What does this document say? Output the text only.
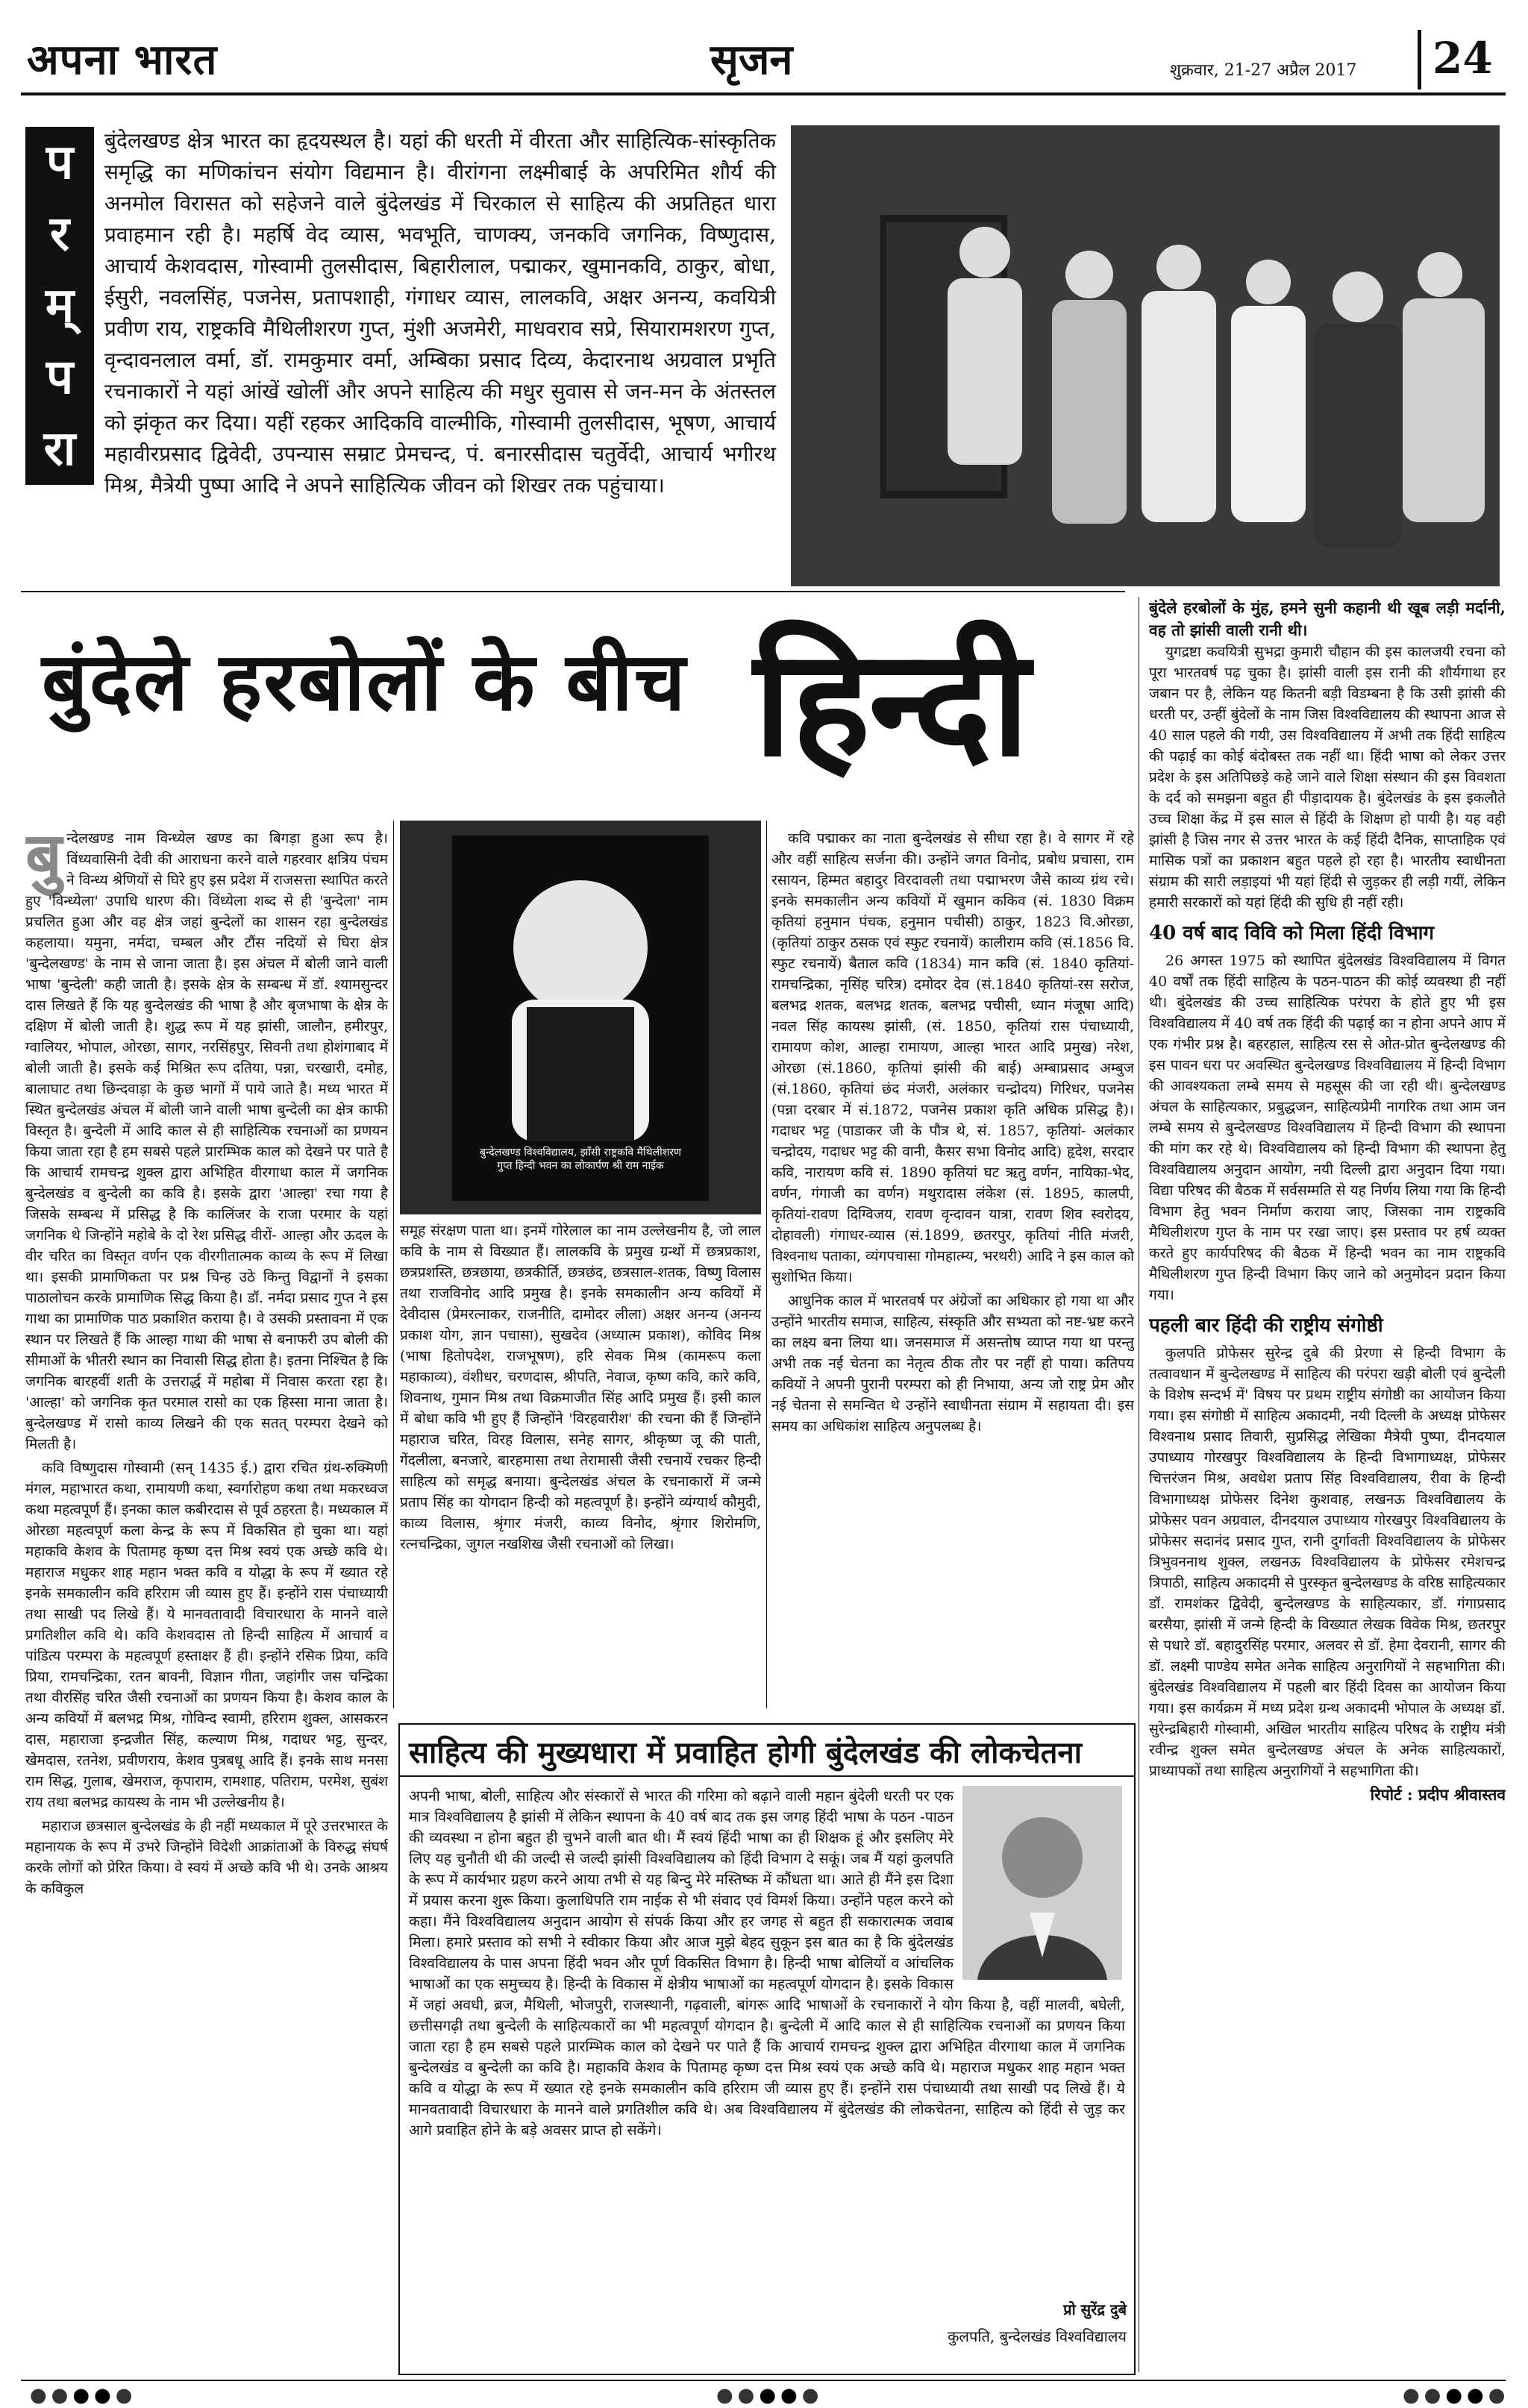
अपना भारत	सृजन	शुक्रवार, 21-27 अप्रैल 2017 24
प
र
म्
प
रा
बुंदेलखण्ड क्षेत्र भारत का हृदयस्थल है। यहां की धरती में वीरता और साहित्यिक-सांस्कृतिक समृद्धि का मणिकांचन संयोग विद्यमान है। वीरांगना लक्ष्मीबाई के अपरिमित शौर्य की अनमोल विरासत को सहेजने वाले बुंदेलखंड में चिरकाल से साहित्य की अप्रतिहत धारा प्रवाहमान रही है। महर्षि वेद व्यास, भवभूति, चाणक्य, जनकवि जगनिक, विष्णुदास, आचार्य केशवदास, गोस्वामी तुलसीदास, बिहारीलाल, पद्माकर, खुमानकवि, ठाकुर, बोधा, ईसुरी, नवलसिंह, पजनेस, प्रतापशाही, गंगाधर व्यास, लालकवि, अक्षर अनन्य, कवयित्री प्रवीण राय, राष्ट्रकवि मैथिलीशरण गुप्त, मुंशी अजमेरी, माधवराव सप्रे, सियारामशरण गुप्त, वृन्दावनलाल वर्मा, डॉ. रामकुमार वर्मा, अम्बिका प्रसाद दिव्य, केदारनाथ अग्रवाल प्रभृति रचनाकारों ने यहां आंखें खोलीं और अपने साहित्य की मधुर सुवास से जन-मन के अंतस्तल को झंकृत कर दिया। यहीं रहकर आदिकवि वाल्मीकि, गोस्वामी तुलसीदास, भूषण, आचार्य महावीरप्रसाद द्विवेदी, उपन्यास सम्राट प्रेमचन्द, पं. बनारसीदास चतुर्वेदी, आचार्य भगीरथ मिश्र, मैत्रेयी पुष्पा आदि ने अपने साहित्यिक जीवन को शिखर तक पहुंचाया।
बुंदेले हरबोलों के बीच हिन्दी
बु न्देलखण्ड नाम विन्ध्येल खण्ड का बिगड़ा हुआ रूप है। विंध्यवासिनी देवी की आराधना करने वाले गहरवार क्षत्रिय पंचम ने विन्ध्य श्रेणियों से घिरे हुए इस प्रदेश में राजसत्ता स्थापित करते हुए 'विन्ध्येला' उपाधि धारण की। विंध्येला शब्द से ही 'बुन्देला' नाम प्रचलित हुआ और वह क्षेत्र जहां बुन्देलों का शासन रहा बुन्देलखंड कहलाया। यमुना, नर्मदा, चम्बल और टौंस नदियों से घिरा क्षेत्र 'बुन्देलखण्ड' के नाम से जाना जाता है। इस अंचल में बोली जाने वाली भाषा 'बुन्देली' कही जाती है। इसके क्षेत्र के सम्बन्ध में डॉ. श्यामसुन्दर दास लिखते हैं कि यह बुन्देलखंड की भाषा है और बृजभाषा के क्षेत्र के दक्षिण में बोली जाती है। शुद्ध रूप में यह झांसी, जालौन, हमीरपुर, ग्वालियर, भोपाल, ओरछा, सागर, नरसिंहपुर, सिवनी तथा होशंगाबाद में बोली जाती है। इसके कई मिश्रित रूप दतिया, पन्ना, चरखारी, दमोह, बालाघाट तथा छिन्दवाड़ा के कुछ भागों में पाये जाते है। मध्य भारत में स्थित बुन्देलखंड अंचल में बोली जाने वाली भाषा बुन्देली का क्षेत्र काफी विस्तृत है। बुन्देली में आदि काल से ही साहित्यिक रचनाओं का प्रणयन किया जाता रहा है हम सबसे पहले प्रारम्भिक काल को देखने पर पाते है कि आचार्य रामचन्द्र शुक्ल द्वारा अभिहित वीरगाथा काल में जगनिक बुन्देलखंड व बुन्देली का कवि है। इसके द्वारा 'आल्हा' रचा गया है जिसके सम्बन्ध में प्रसिद्ध है कि कालिंजर के राजा परमार के यहां जगनिक थे जिन्होंने महोबे के दो रेश प्रसिद्ध वीरों- आल्हा और ऊदल के वीर चरित का विस्तृत वर्णन एक वीरगीतात्मक काव्य के रूप में लिखा था। इसकी प्रामाणिकता पर प्रश्न चिन्ह उठे किन्तु विद्वानों ने इसका पाठालोचन करके प्रामाणिक सिद्ध किया है। डॉ. नर्मदा प्रसाद गुप्त ने इस गाथा का प्रामाणिक पाठ प्रकाशित कराया है। वे उसकी प्रस्तावना में एक स्थान पर लिखते हैं कि आल्हा गाथा की भाषा से बनाफरी उप बोली की सीमाओं के भीतरी स्थान का निवासी सिद्ध होता है। इतना निश्चित है कि जगनिक बारहवीं शती के उत्तरार्द्ध में महोबा में निवास करता रहा है। 'आल्हा' को जगनिक कृत परमाल रासो का एक हिस्सा माना जाता है। बुन्देलखण्ड में रासो काव्य लिखने की एक सतत् परम्परा देखने को मिलती है।

कवि विष्णुदास गोस्वामी (सन् 1435 ई.) द्वारा रचित ग्रंथ-रुक्मिणी मंगल, महाभारत कथा, रामायणी कथा, स्वर्गारोहण कथा तथा मकरध्वज कथा महत्वपूर्ण हैं। इनका काल कबीरदास से पूर्व ठहरता है। मध्यकाल में ओरछा महत्वपूर्ण कला केन्द्र के रूप में विकसित हो चुका था। यहां महाकवि केशव के पितामह कृष्ण दत्त मिश्र स्वयं एक अच्छे कवि थे। महाराज मधुकर शाह महान भक्त कवि व योद्धा के रूप में ख्यात रहे इनके समकालीन कवि हरिराम जी व्यास हुए हैं। इन्होंने रास पंचाध्यायी तथा साखी पद लिखे हैं। ये मानवतावादी विचारधारा के मानने वाले प्रगतिशील कवि थे। कवि केशवदास तो हिन्दी साहित्य में आचार्य व पांडित्य परम्परा के महत्वपूर्ण हस्ताक्षर हैं ही। इन्होंने रसिक प्रिया, कवि प्रिया, रामचन्द्रिका, रतन बावनी, विज्ञान गीता, जहांगीर जस चन्द्रिका तथा वीरसिंह चरित जैसी रचनाओं का प्रणयन किया है। केशव काल के अन्य कवियों में बलभद्र मिश्र, गोविन्द स्वामी, हरिराम शुक्ल, आसकरन दास, महाराजा इन्द्रजीत सिंह, कल्याण मिश्र, गदाधर भट्ट, सुन्दर, खेमदास, रतनेश, प्रवीणराय, केशव पुत्रबधू आदि हैं। इनके साथ मनसा राम सिद्ध, गुलाब, खेमराज, कृपाराम, रामशाह, पतिराम, परमेश, सुबंश राय तथा बलभद्र कायस्थ के नाम भी उल्लेखनीय है।

महाराज छत्रसाल बुन्देलखंड के ही नहीं मध्यकाल में पूरे उत्तरभारत के महानायक के रूप में उभरे जिन्होंने विदेशी आक्रांताओं के विरुद्ध संघर्ष करके लोगों को प्रेरित किया। वे स्वयं में अच्छे कवि भी थे। उनके आश्रय के कविकुल

बुन्देलखण्ड विश्वविद्यालय, झाँसी राष्ट्रकवि मैथिलीशरण गुप्त हिन्दी भवन का लोकार्पण श्री राम नाईक

समूह संरक्षण पाता था। इनमें गोरेलाल का नाम उल्लेखनीय है, जो लाल कवि के नाम से विख्यात हैं। लालकवि के प्रमुख ग्रन्थों में छत्रप्रकाश, छत्रप्रशस्ति, छत्रछाया, छत्रकीर्ति, छत्रछंद, छत्रसाल-शतक, विष्णु विलास तथा राजविनोद आदि प्रमुख है। इनके समकालीन अन्य कवियों में देवीदास (प्रेमरत्नाकर, राजनीति, दामोदर लीला) अक्षर अनन्य (अनन्य प्रकाश योग, ज्ञान पचासा), सुखदेव (अध्यात्म प्रकाश), कोविद मिश्र (भाषा हितोपदेश, राजभूषण), हरि सेवक मिश्र (कामरूप कला महाकाव्य), वंशीधर, चरणदास, श्रीपति, नेवाज, कृष्ण कवि, कारे कवि, शिवनाथ, गुमान मिश्र तथा विक्रमाजीत सिंह आदि प्रमुख हैं। इसी काल में बोधा कवि भी हुए हैं जिन्होंने 'विरहवारीश' की रचना की हैं जिन्होंने महाराज चरित, विरह विलास, सनेह सागर, श्रीकृष्ण जू की पाती, गेंदलीला, बनजारे, बारहमासा तथा तेरामासी जैसी रचनायें रचकर हिन्दी साहित्य को समृद्ध बनाया। बुन्देलखंड अंचल के रचनाकारों में जन्मे प्रताप सिंह का योगदान हिन्दी को महत्वपूर्ण है। इन्होंने व्यंग्यार्थ कौमुदी, काव्य विलास, श्रृंगार मंजरी, काव्य विनोद, श्रृंगार शिरोमणि, रत्नचन्द्रिका, जुगल नखशिख जैसी रचनाओं को लिखा।

कवि पद्माकर का नाता बुन्देलखंड से सीधा रहा है। वे सागर में रहे और वहीं साहित्य सर्जना की। उन्होंने जगत विनोद, प्रबोध प्रचासा, राम रसायन, हिम्मत बहादुर विरदावली तथा पद्माभरण जैसे काव्य ग्रंथ रचे। इनके समकालीन अन्य कवियों में खुमान ककिव (सं. 1830 विक्रम कृतियां हनुमान पंचक, हनुमान पचीसी) ठाकुर, 1823 वि.ओरछा, (कृतियां ठाकुर ठसक एवं स्फुट रचनायें) कालीराम कवि (सं.1856 वि. स्फुट रचनायें) बैताल कवि (1834) मान कवि (सं. 1840 कृतियां-रामचन्द्रिका, नृसिंह चरित्र) दमोदर देव (सं.1840 कृतियां-रस सरोज, बलभद्र शतक, बलभद्र शतक, बलभद्र पचीसी, ध्यान मंजूषा आदि) नवल सिंह कायस्थ झांसी, (सं. 1850, कृतियां रास पंचाध्यायी, रामायण कोश, आल्हा रामायण, आल्हा भारत आदि प्रमुख) नरेश, ओरछा (सं.1860, कृतियां झांसी की बाई) अम्बाप्रसाद अम्बुज (सं.1860, कृतियां छंद मंजरी, अलंकार चन्द्रोदय) गिरिधर, पजनेस (पन्ना दरबार में सं.1872, पजनेस प्रकाश कृति अधिक प्रसिद्ध है)। गदाधर भट्ट (पाडाकर जी के पौत्र थे, सं. 1857, कृतियां- अलंकार चन्द्रोदय, गदाधर भट्ट की वानी, कैसर सभा विनोद आदि) हृदेश, सरदार कवि, नारायण कवि सं. 1890 कृतियां घट ऋतु वर्णन, नायिका-भेद, वर्णन, गंगाजी का वर्णन) मथुरादास लंकेश (सं. 1895, कालपी, कृतियां-रावण दिग्विजय, रावण वृन्दावन यात्रा, रावण शिव स्वरोदय, दोहावली) गंगाधर-व्यास (सं.1899, छतरपुर, कृतियां नीति मंजरी, विश्वनाथ पताका, व्यंगपचासा गोमहात्म्य, भरथरी) आदि ने इस काल को सुशोभित किया।

आधुनिक काल में भारतवर्ष पर अंग्रेजों का अधिकार हो गया था और उन्होंने भारतीय समाज, साहित्य, संस्कृति और सभ्यता को नष्ट-भ्रष्ट करने का लक्ष्य बना लिया था। जनसमाज में असन्तोष व्याप्त गया था परन्तु अभी तक नई चेतना का नेतृत्व ठीक तौर पर नहीं हो पाया। कतिपय कवियों ने अपनी पुरानी परम्परा को ही निभाया, अन्य जो राष्ट्र प्रेम और नई चेतना से समन्वित थे उन्होंने स्वाधीनता संग्राम में सहायता दी। इस समय का अधिकांश साहित्य अनुपलब्ध है।

बुंदेले हरबोलों के मुंह, हमने सुनी कहानी थी खूब लड़ी मर्दानी, वह तो झांसी वाली रानी थी।

युगद्रष्टा कवयित्री सुभद्रा कुमारी चौहान की इस कालजयी रचना को पूरा भारतवर्ष पढ़ चुका है। झांसी वाली इस रानी की शौर्यगाथा हर जबान पर है, लेकिन यह कितनी बड़ी विडम्बना है कि उसी झांसी की धरती पर, उन्हीं बुंदेलों के नाम जिस विश्वविद्यालय की स्थापना आज से 40 साल पहले की गयी, उस विश्वविद्यालय में अभी तक हिंदी साहित्य की पढ़ाई का कोई बंदोबस्त तक नहीं था। हिंदी भाषा को लेकर उत्तर प्रदेश के इस अतिपिछड़े कहे जाने वाले शिक्षा संस्थान की इस विवशता के दर्द को समझना बहुत ही पीड़ादायक है। बुंदेलखंड के इस इकलौते उच्च शिक्षा केंद्र में इस साल से हिंदी के शिक्षण हो पायी है। यह वही झांसी है जिस नगर से उत्तर भारत के कई हिंदी दैनिक, साप्ताहिक एवं मासिक पत्रों का प्रकाशन बहुत पहले हो रहा है। भारतीय स्वाधीनता संग्राम की सारी लड़ाइयां भी यहां हिंदी से जुड़कर ही लड़ी गयीं, लेकिन हमारी सरकारों को यहां हिंदी की सुधि ही नहीं रही।

40 वर्ष बाद विवि को मिला हिंदी विभाग

26 अगस्त 1975 को स्थापित बुंदेलखंड विश्वविद्यालय में विगत 40 वर्षों तक हिंदी साहित्य के पठन-पाठन की कोई व्यवस्था ही नहीं थी। बुंदेलखंड की उच्च साहित्यिक परंपरा के होते हुए भी इस विश्वविद्यालय में 40 वर्ष तक हिंदी की पढ़ाई का न होना अपने आप में एक गंभीर प्रश्न है। बहरहाल, साहित्य रस से ओत-प्रोत बुन्देलखण्ड की इस पावन धरा पर अवस्थित बुन्देलखण्ड विश्वविद्यालय में हिन्दी विभाग की आवश्यकता लम्बे समय से महसूस की जा रही थी। बुन्देलखण्ड अंचल के साहित्यकार, प्रबुद्धजन, साहित्यप्रेमी नागरिक तथा आम जन लम्बे समय से बुन्देलखण्ड विश्वविद्यालय में हिन्दी विभाग की स्थापना की मांग कर रहे थे। विश्वविद्यालय को हिन्दी विभाग की स्थापना हेतु विश्वविद्यालय अनुदान आयोग, नयी दिल्ली द्वारा अनुदान दिया गया। विद्या परिषद की बैठक में सर्वसम्मति से यह निर्णय लिया गया कि हिन्दी विभाग हेतु भवन निर्माण कराया जाए, जिसका नाम राष्ट्रकवि मैथिलीशरण गुप्त के नाम पर रखा जाए। इस प्रस्ताव पर हर्ष व्यक्त करते हुए कार्यपरिषद की बैठक में हिन्दी भवन का नाम राष्ट्रकवि मैथिलीशरण गुप्त हिन्दी विभाग किए जाने को अनुमोदन प्रदान किया गया।

पहली बार हिंदी की राष्ट्रीय संगोष्ठी

कुलपति प्रोफेसर सुरेन्द्र दुबे की प्रेरणा से हिन्दी विभाग के तत्वावधान में बुन्देलखण्ड में साहित्य की परंपरा खड़ी बोली एवं बुन्देली के विशेष सन्दर्भ में' विषय पर प्रथम राष्ट्रीय संगोष्ठी का आयोजन किया गया। इस संगोष्ठी में साहित्य अकादमी, नयी दिल्ली के अध्यक्ष प्रोफेसर विश्वनाथ प्रसाद तिवारी, सुप्रसिद्ध लेखिका मैत्रेयी पुष्पा, दीनदयाल उपाध्याय गोरखपुर विश्वविद्यालय के हिन्दी विभागाध्यक्ष, प्रोफेसर चित्तरंजन मिश्र, अवधेश प्रताप सिंह विश्वविद्यालय, रीवा के हिन्दी विभागाध्यक्ष प्रोफेसर दिनेश कुशवाह, लखनऊ विश्वविद्यालय के प्रोफेसर पवन अग्रवाल, दीनदयाल उपाध्याय गोरखपुर विश्वविद्यालय के प्रोफेसर सदानंद प्रसाद गुप्त, रानी दुर्गावती विश्वविद्यालय के प्रोफेसर त्रिभुवननाथ शुक्ल, लखनऊ विश्वविद्यालय के प्रोफेसर रमेशचन्द्र त्रिपाठी, साहित्य अकादमी से पुरस्कृत बुन्देलखण्ड के वरिष्ठ साहित्यकार डॉ. रामशंकर द्विवेदी, बुन्देलखण्ड के साहित्यकार, डॉ. गंगाप्रसाद बरसैया, झांसी में जन्मे हिन्दी के विख्यात लेखक विवेक मिश्र, छतरपुर से पधारे डॉ. बहादुरसिंह परमार, अलवर से डॉ. हेमा देवरानी, सागर की डॉ. लक्ष्मी पाण्डेय समेत अनेक साहित्य अनुरागियों ने सहभागिता की। बुंदेलखंड विश्वविद्यालय में पहली बार हिंदी दिवस का आयोजन किया गया। इस कार्यक्रम में मध्य प्रदेश ग्रन्थ अकादमी भोपाल के अध्यक्ष डॉ. सुरेन्द्रबिहारी गोस्वामी, अखिल भारतीय साहित्य परिषद के राष्ट्रीय मंत्री रवीन्द्र शुक्ल समेत बुन्देलखण्ड अंचल के अनेक साहित्यकारों, प्राध्यापकों तथा साहित्य अनुरागियों ने सहभागिता की।

रिपोर्ट : प्रदीप श्रीवास्तव
साहित्य की मुख्यधारा में प्रवाहित होगी बुंदेलखंड की लोकचेतना
अपनी भाषा, बोली, साहित्य और संस्कारों से भारत की गरिमा को बढ़ाने वाली महान बुंदेली धरती पर एक मात्र विश्वविद्यालय है झांसी में लेकिन स्थापना के 40 वर्ष बाद तक इस जगह हिंदी भाषा के पठन -पाठन की व्यवस्था न होना बहुत ही चुभने वाली बात थी। मैं स्वयं हिंदी भाषा का ही शिक्षक हूं और इसलिए मेरे लिए यह चुनौती थी की जल्दी से जल्दी झांसी विश्वविद्यालय को हिंदी विभाग दे सकूं। जब मैं यहां कुलपति के रूप में कार्यभार ग्रहण करने आया तभी से यह बिन्दु मेरे मस्तिष्क में कौंधता था। आते ही मैंने इस दिशा में प्रयास करना शुरू किया। कुलाधिपति राम नाईक से भी संवाद एवं विमर्श किया। उन्होंने पहल करने को कहा। मैंने विश्वविद्यालय अनुदान आयोग से संपर्क किया और हर जगह से बहुत ही सकारात्मक जवाब मिला। हमारे प्रस्ताव को सभी ने स्वीकार किया और आज मुझे बेहद सुकून इस बात का है कि बुंदेलखंड विश्वविद्यालय के पास अपना हिंदी भवन और पूर्ण विकसित विभाग है। हिन्दी भाषा बोलियों व आंचलिक भाषाओं का एक समुच्चय है। हिन्दी के विकास में क्षेत्रीय भाषाओं का महत्वपूर्ण योगदान है। इसके विकास में जहां अवधी, ब्रज, मैथिली, भोजपुरी, राजस्थानी, गढ़वाली, बांगरू आदि भाषाओं के रचनाकारों ने योग किया है, वहीं मालवी, बघेली, छत्तीसगढ़ी तथा बुन्देली के साहित्यकारों का भी महत्वपूर्ण योगदान है। बुन्देली में आदि काल से ही साहित्यिक रचनाओं का प्रणयन किया जाता रहा है हम सबसे पहले प्रारम्भिक काल को देखने पर पाते हैं कि आचार्य रामचन्द्र शुक्ल द्वारा अभिहित वीरगाथा काल में जगनिक बुन्देलखंड व बुन्देली का कवि है। महाकवि केशव के पितामह कृष्ण दत्त मिश्र स्वयं एक अच्छे कवि थे। महाराज मधुकर शाह महान भक्त कवि व योद्धा के रूप में ख्यात रहे इनके समकालीन कवि हरिराम जी व्यास हुए हैं। इन्होंने रास पंचाध्यायी तथा साखी पद लिखे हैं। ये मानवतावादी विचारधारा के मानने वाले प्रगतिशील कवि थे। अब विश्वविद्यालय में बुंदेलखंड की लोकचेतना, साहित्य को हिंदी से जुड़ कर आगे प्रवाहित होने के बड़े अवसर प्राप्त हो सकेंगे।
प्रो सुरेंद्र दुबे
कुलपति, बुन्देलखंड विश्वविद्यालय
●●●●●	●●●●●	●●●●●
